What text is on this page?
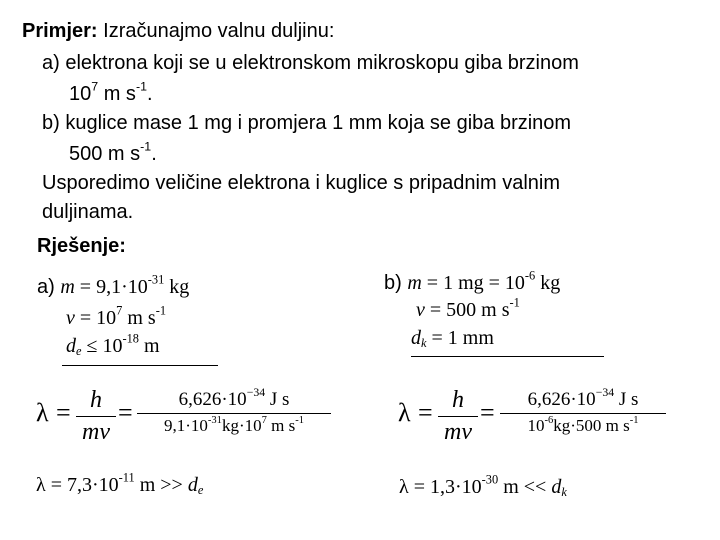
Primjer: Izračunajmo valnu duljinu:
a) elektrona koji se u elektronskom mikroskopu giba brzinom
$10^7$ m $s^{-1}$.
b) kuglice mase 1 mg i promjera 1 mm koja se giba brzinom
500 m $s^{-1}$.
Usporedimo veličine elektrona i kuglice s pripadnim valnim
duljinama.
Rješenje:
a) $m = 9,1\cdot 10^{-31}$ kg
$v = 10^7$ m $s^{-1}$
$d_e \le 10^{-18}$ m
b) m = 1 mg = $10^{-6}$ kg
v = 500 m $s^{-1}$
$d_k = 1$ mm
λ = h
mv
= $6,626\cdot 10^{-34}$ J s
$9,1\cdot 10^{-31}kg\cdot 10^7$ m $s^{-1}$	λ = h
mv
= $6,626\cdot 10^{-34}$ J s
$10^{-6}kg\cdot 500$ m $s^{-1}$
$\lambda = 7,3\cdot 10^{-11}$ $m >> d_e$	$\lambda = 1,3\cdot 10^{-30}$ $m << d_k$
